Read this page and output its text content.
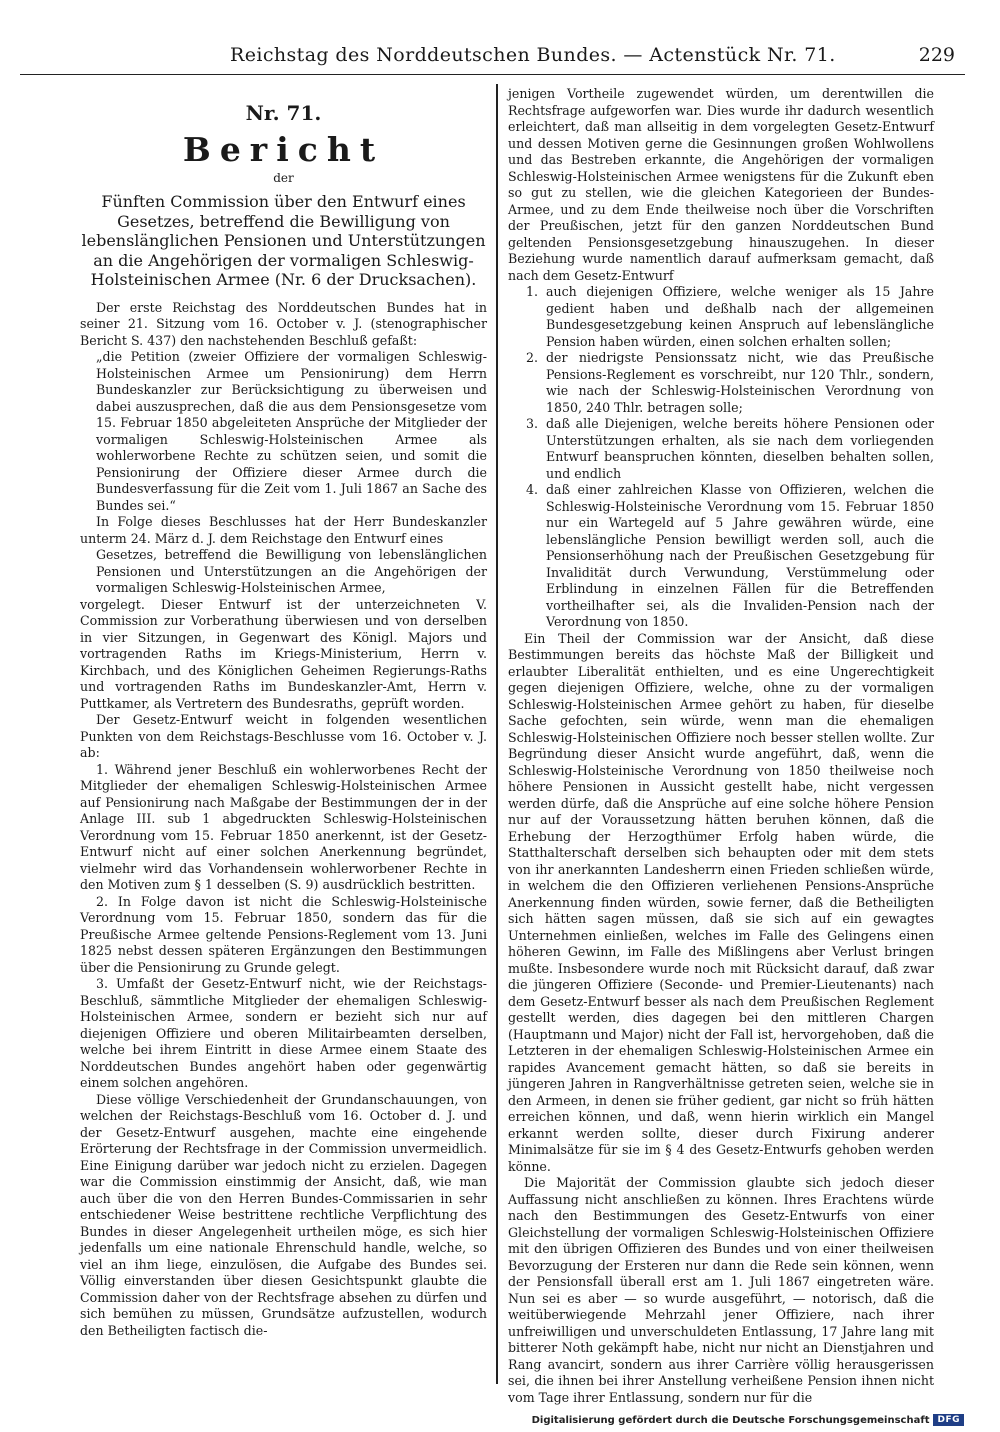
Reichstag des Norddeutschen Bundes. — Actenstück Nr. 71.	229

Nr. 71.

Bericht

der

Fünften Commission über den Entwurf eines Gesetzes, betreffend die Bewilligung von lebenslänglichen Pensionen und Unterstützungen an die Angehörigen der vormaligen Schleswig-Holsteinischen Armee (Nr. 6 der Drucksachen).

Der erste Reichstag des Norddeutschen Bundes hat in seiner 21. Sitzung vom 16. October v. J. (stenographischer Bericht S. 437) den nachstehenden Beschluß gefaßt:

„die Petition (zweier Offiziere der vormaligen Schleswig-Holsteinischen Armee um Pensionirung) dem Herrn Bundeskanzler zur Berücksichtigung zu überweisen und dabei auszusprechen, daß die aus dem Pensionsgesetze vom 15. Februar 1850 abgeleiteten Ansprüche der Mitglieder der vormaligen Schleswig-Holsteinischen Armee als wohlerworbene Rechte zu schützen seien, und somit die Pensionirung der Offiziere dieser Armee durch die Bundesverfassung für die Zeit vom 1. Juli 1867 an Sache des Bundes sei.“

In Folge dieses Beschlusses hat der Herr Bundeskanzler unterm 24. März d. J. dem Reichstage den Entwurf eines

Gesetzes, betreffend die Bewilligung von lebenslänglichen Pensionen und Unterstützungen an die Angehörigen der vormaligen Schleswig-Holsteinischen Armee,

vorgelegt. Dieser Entwurf ist der unterzeichneten V. Commission zur Vorberathung überwiesen und von derselben in vier Sitzungen, in Gegenwart des Königl. Majors und vortragenden Raths im Kriegs-Ministerium, Herrn v. Kirchbach, und des Königlichen Geheimen Regierungs-Raths und vortragenden Raths im Bundeskanzler-Amt, Herrn v. Puttkamer, als Vertretern des Bundesraths, geprüft worden.

Der Gesetz-Entwurf weicht in folgenden wesentlichen Punkten von dem Reichstags-Beschlusse vom 16. October v. J. ab:

1. Während jener Beschluß ein wohlerworbenes Recht der Mitglieder der ehemaligen Schleswig-Holsteinischen Armee auf Pensionirung nach Maßgabe der Bestimmungen der in der Anlage III. sub 1 abgedruckten Schleswig-Holsteinischen Verordnung vom 15. Februar 1850 anerkennt, ist der Gesetz-Entwurf nicht auf einer solchen Anerkennung begründet, vielmehr wird das Vorhandensein wohlerworbener Rechte in den Motiven zum § 1 desselben (S. 9) ausdrücklich bestritten.

2. In Folge davon ist nicht die Schleswig-Holsteinische Verordnung vom 15. Februar 1850, sondern das für die Preußische Armee geltende Pensions-Reglement vom 13. Juni 1825 nebst dessen späteren Ergänzungen den Bestimmungen über die Pensionirung zu Grunde gelegt.

3. Umfaßt der Gesetz-Entwurf nicht, wie der Reichstags-Beschluß, sämmtliche Mitglieder der ehemaligen Schleswig-Holsteinischen Armee, sondern er bezieht sich nur auf diejenigen Offiziere und oberen Militairbeamten derselben, welche bei ihrem Eintritt in diese Armee einem Staate des Norddeutschen Bundes angehört haben oder gegenwärtig einem solchen angehören.

Diese völlige Verschiedenheit der Grundanschauungen, von welchen der Reichstags-Beschluß vom 16. October d. J. und der Gesetz-Entwurf ausgehen, machte eine eingehende Erörterung der Rechtsfrage in der Commission unvermeidlich. Eine Einigung darüber war jedoch nicht zu erzielen. Dagegen war die Commission einstimmig der Ansicht, daß, wie man auch über die von den Herren Bundes-Commissarien in sehr entschiedener Weise bestrittene rechtliche Verpflichtung des Bundes in dieser Angelegenheit urtheilen möge, es sich hier jedenfalls um eine nationale Ehrenschuld handle, welche, so viel an ihm liege, einzulösen, die Aufgabe des Bundes sei. Völlig einverstanden über diesen Gesichtspunkt glaubte die Commission daher von der Rechtsfrage absehen zu dürfen und sich bemühen zu müssen, Grundsätze aufzustellen, wodurch den Betheiligten factisch die-

jenigen Vortheile zugewendet würden, um derentwillen die Rechtsfrage aufgeworfen war. Dies wurde ihr dadurch wesentlich erleichtert, daß man allseitig in dem vorgelegten Gesetz-Entwurf und dessen Motiven gerne die Gesinnungen großen Wohlwollens und das Bestreben erkannte, die Angehörigen der vormaligen Schleswig-Holsteinischen Armee wenigstens für die Zukunft eben so gut zu stellen, wie die gleichen Kategorieen der Bundes-Armee, und zu dem Ende theilweise noch über die Vorschriften der Preußischen, jetzt für den ganzen Norddeutschen Bund geltenden Pensionsgesetzgebung hinauszugehen. In dieser Beziehung wurde namentlich darauf aufmerksam gemacht, daß nach dem Gesetz-Entwurf

1. auch diejenigen Offiziere, welche weniger als 15 Jahre gedient haben und deßhalb nach der allgemeinen Bundesgesetzgebung keinen Anspruch auf lebenslängliche Pension haben würden, einen solchen erhalten sollen;
2. der niedrigste Pensionssatz nicht, wie das Preußische Pensions-Reglement es vorschreibt, nur 120 Thlr., sondern, wie nach der Schleswig-Holsteinischen Verordnung von 1850, 240 Thlr. betragen solle;
3. daß alle Diejenigen, welche bereits höhere Pensionen oder Unterstützungen erhalten, als sie nach dem vorliegenden Entwurf beanspruchen könnten, dieselben behalten sollen, und endlich
4. daß einer zahlreichen Klasse von Offizieren, welchen die Schleswig-Holsteinische Verordnung vom 15. Februar 1850 nur ein Wartegeld auf 5 Jahre gewähren würde, eine lebenslängliche Pension bewilligt werden soll, auch die Pensionserhöhung nach der Preußischen Gesetzgebung für Invalidität durch Verwundung, Verstümmelung oder Erblindung in einzelnen Fällen für die Betreffenden vortheilhafter sei, als die Invaliden-Pension nach der Verordnung von 1850.

Ein Theil der Commission war der Ansicht, daß diese Bestimmungen bereits das höchste Maß der Billigkeit und erlaubter Liberalität enthielten, und es eine Ungerechtigkeit gegen diejenigen Offiziere, welche, ohne zu der vormaligen Schleswig-Holsteinischen Armee gehört zu haben, für dieselbe Sache gefochten, sein würde, wenn man die ehemaligen Schleswig-Holsteinischen Offiziere noch besser stellen wollte. Zur Begründung dieser Ansicht wurde angeführt, daß, wenn die Schleswig-Holsteinische Verordnung von 1850 theilweise noch höhere Pensionen in Aussicht gestellt habe, nicht vergessen werden dürfe, daß die Ansprüche auf eine solche höhere Pension nur auf der Voraussetzung hätten beruhen können, daß die Erhebung der Herzogthümer Erfolg haben würde, die Statthalterschaft derselben sich behaupten oder mit dem stets von ihr anerkannten Landesherrn einen Frieden schließen würde, in welchem die den Offizieren verliehenen Pensions-Ansprüche Anerkennung finden würden, sowie ferner, daß die Betheiligten sich hätten sagen müssen, daß sie sich auf ein gewagtes Unternehmen einließen, welches im Falle des Gelingens einen höheren Gewinn, im Falle des Mißlingens aber Verlust bringen mußte. Insbesondere wurde noch mit Rücksicht darauf, daß zwar die jüngeren Offiziere (Seconde- und Premier-Lieutenants) nach dem Gesetz-Entwurf besser als nach dem Preußischen Reglement gestellt werden, dies dagegen bei den mittleren Chargen (Hauptmann und Major) nicht der Fall ist, hervorgehoben, daß die Letzteren in der ehemaligen Schleswig-Holsteinischen Armee ein rapides Avancement gemacht hätten, so daß sie bereits in jüngeren Jahren in Rangverhältnisse getreten seien, welche sie in den Armeen, in denen sie früher gedient, gar nicht so früh hätten erreichen können, und daß, wenn hierin wirklich ein Mangel erkannt werden sollte, dieser durch Fixirung anderer Minimalsätze für sie im § 4 des Gesetz-Entwurfs gehoben werden könne.

Die Majorität der Commission glaubte sich jedoch dieser Auffassung nicht anschließen zu können. Ihres Erachtens würde nach den Bestimmungen des Gesetz-Entwurfs von einer Gleichstellung der vormaligen Schleswig-Holsteinischen Offiziere mit den übrigen Offizieren des Bundes und von einer theilweisen Bevorzugung der Ersteren nur dann die Rede sein können, wenn der Pensionsfall überall erst am 1. Juli 1867 eingetreten wäre. Nun sei es aber — so wurde ausgeführt, — notorisch, daß die weitüberwiegende Mehrzahl jener Offiziere, nach ihrer unfreiwilligen und unverschuldeten Entlassung, 17 Jahre lang mit bitterer Noth gekämpft habe, nicht nur nicht an Dienstjahren und Rang avancirt, sondern aus ihrer Carrière völlig herausgerissen sei, die ihnen bei ihrer Anstellung verheißene Pension ihnen nicht vom Tage ihrer Entlassung, sondern nur für die

Digitalisierung gefördert durch die Deutsche Forschungsgemeinschaft DFG
